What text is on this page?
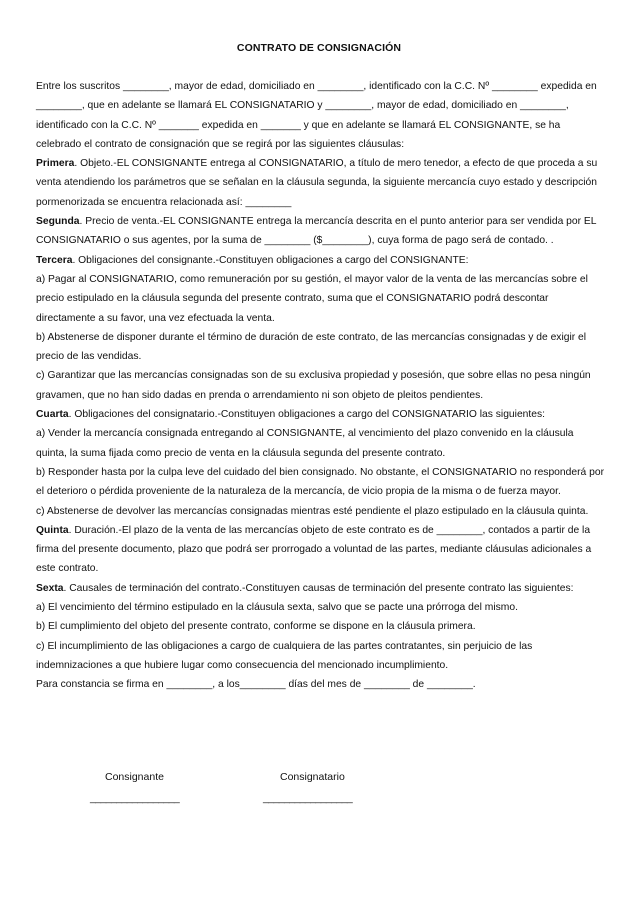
CONTRATO DE CONSIGNACIÓN

Entre los suscritos ________, mayor de edad, domiciliado en ________, identificado con la C.C. Nº ________ expedida en ________, que en adelante se llamará EL CONSIGNATARIO y ________, mayor de edad, domiciliado en ________, identificado con la C.C. Nº _______ expedida en _______ y que en adelante se llamará EL CONSIGNANTE, se ha celebrado el contrato de consignación que se regirá por las siguientes cláusulas:

Primera. Objeto.-EL CONSIGNANTE entrega al CONSIGNATARIO, a título de mero tenedor, a efecto de que proceda a su venta atendiendo los parámetros que se señalan en la cláusula segunda, la siguiente mercancía cuyo estado y descripción pormenorizada se encuentra relacionada así: ________

Segunda. Precio de venta.-EL CONSIGNANTE entrega la mercancía descrita en el punto anterior para ser vendida por EL CONSIGNATARIO o sus agentes, por la suma de ________ ($________), cuya forma de pago será de contado. .

Tercera. Obligaciones del consignante.-Constituyen obligaciones a cargo del CONSIGNANTE:

a) Pagar al CONSIGNATARIO, como remuneración por su gestión, el mayor valor de la venta de las mercancías sobre el precio estipulado en la cláusula segunda del presente contrato, suma que el CONSIGNATARIO podrá descontar directamente a su favor, una vez efectuada la venta.

b) Abstenerse de disponer durante el término de duración de este contrato, de las mercancías consignadas y de exigir el precio de las vendidas.

c) Garantizar que las mercancías consignadas son de su exclusiva propiedad y posesión, que sobre ellas no pesa ningún gravamen, que no han sido dadas en prenda o arrendamiento ni son objeto de pleitos pendientes.

Cuarta. Obligaciones del consignatario.-Constituyen obligaciones a cargo del CONSIGNATARIO las siguientes:

a) Vender la mercancía consignada entregando al CONSIGNANTE, al vencimiento del plazo convenido en la cláusula quinta, la suma fijada como precio de venta en la cláusula segunda del presente contrato.

b) Responder hasta por la culpa leve del cuidado del bien consignado. No obstante, el CONSIGNATARIO no responderá por el deterioro o pérdida proveniente de la naturaleza de la mercancía, de vicio propia de la misma o de fuerza mayor.

c) Abstenerse de devolver las mercancías consignadas mientras esté pendiente el plazo estipulado en la cláusula quinta.

Quinta. Duración.-El plazo de la venta de las mercancías objeto de este contrato es de ________, contados a partir de la firma del presente documento, plazo que podrá ser prorrogado a voluntad de las partes, mediante cláusulas adicionales a este contrato.

Sexta. Causales de terminación del contrato.-Constituyen causas de terminación del presente contrato las siguientes:

a) El vencimiento del término estipulado en la cláusula sexta, salvo que se pacte una prórroga del mismo.

b) El cumplimiento del objeto del presente contrato, conforme se dispone en la cláusula primera.

c) El incumplimiento de las obligaciones a cargo de cualquiera de las partes contratantes, sin perjuicio de las indemnizaciones a que hubiere lugar como consecuencia del mencionado incumplimiento.

Para constancia se firma en ________, a los________ días del mes de ________ de ________.

Consignante	Consignatario
_________________	_________________
